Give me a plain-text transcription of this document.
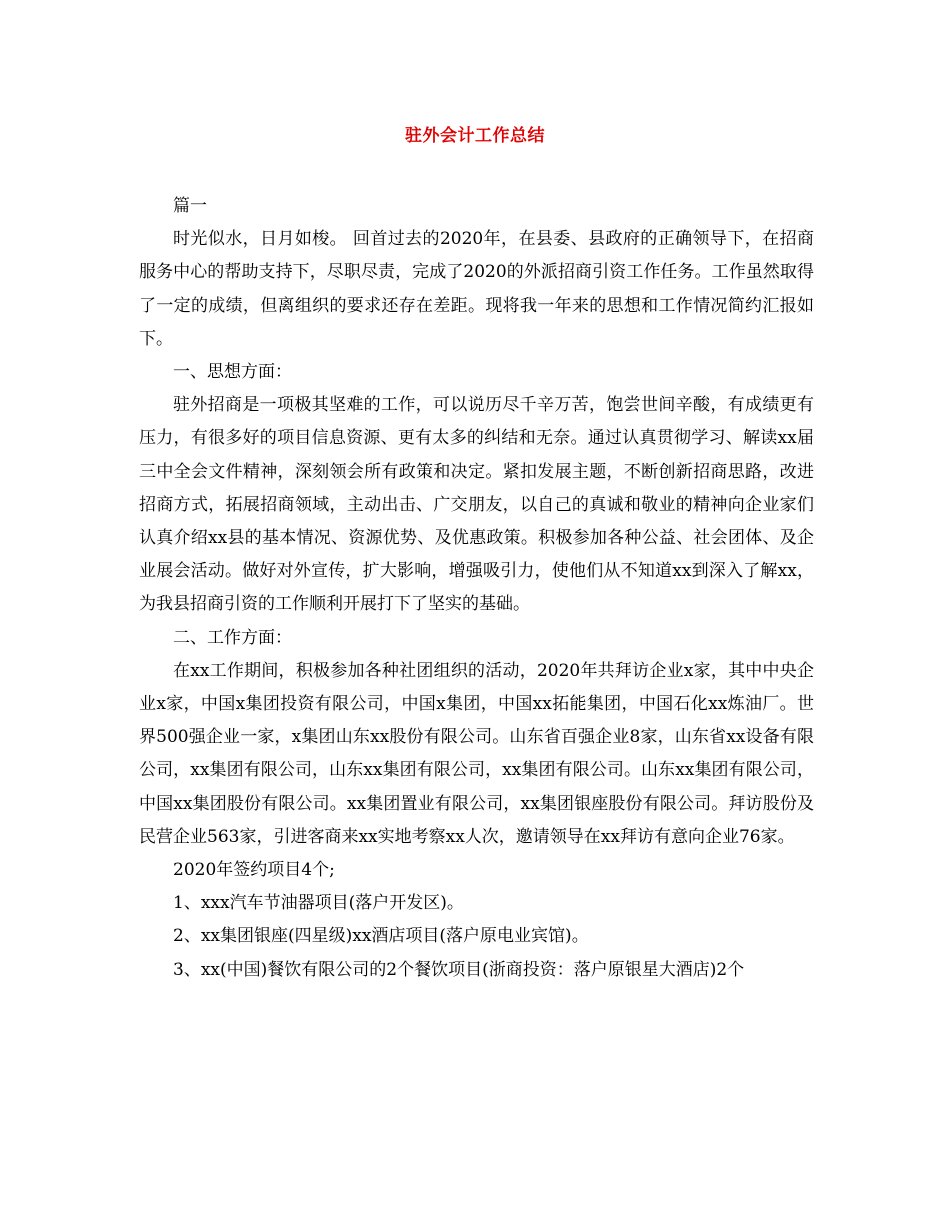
驻外会计工作总结

篇一

时光似水，日月如梭。 回首过去的2020年，在县委、县政府的正确领导下，在招商服务中心的帮助支持下，尽职尽责，完成了2020的外派招商引资工作任务。工作虽然取得了一定的成绩，但离组织的要求还存在差距。现将我一年来的思想和工作情况简约汇报如下。

一、思想方面：

驻外招商是一项极其坚难的工作，可以说历尽千辛万苦，饱尝世间辛酸，有成绩更有压力，有很多好的项目信息资源、更有太多的纠结和无奈。通过认真贯彻学习、解读xx届三中全会文件精神，深刻领会所有政策和决定。紧扣发展主题，不断创新招商思路，改进招商方式，拓展招商领域，主动出击、广交朋友，以自己的真诚和敬业的精神向企业家们认真介绍xx县的基本情况、资源优势、及优惠政策。积极参加各种公益、社会团体、及企业展会活动。做好对外宣传，扩大影响，增强吸引力，使他们从不知道xx到深入了解xx，为我县招商引资的工作顺利开展打下了坚实的基础。

二、工作方面：

在xx工作期间，积极参加各种社团组织的活动，2020年共拜访企业x家，其中中央企业x家，中国x集团投资有限公司，中国x集团，中国xx拓能集团，中国石化xx炼油厂。世界500强企业一家，x集团山东xx股份有限公司。山东省百强企业8家，山东省xx设备有限公司，xx集团有限公司，山东xx集团有限公司，xx集团有限公司。山东xx集团有限公司，中国xx集团股份有限公司。xx集团置业有限公司，xx集团银座股份有限公司。拜访股份及民营企业563家，引进客商来xx实地考察xx人次，邀请领导在xx拜访有意向企业76家。

2020年签约项目4个;

1、xxx汽车节油器项目(落户开发区)。

2、xx集团银座(四星级)xx酒店项目(落户原电业宾馆)。

3、xx(中国)餐饮有限公司的2个餐饮项目(浙商投资：落户原银星大酒店)2个
